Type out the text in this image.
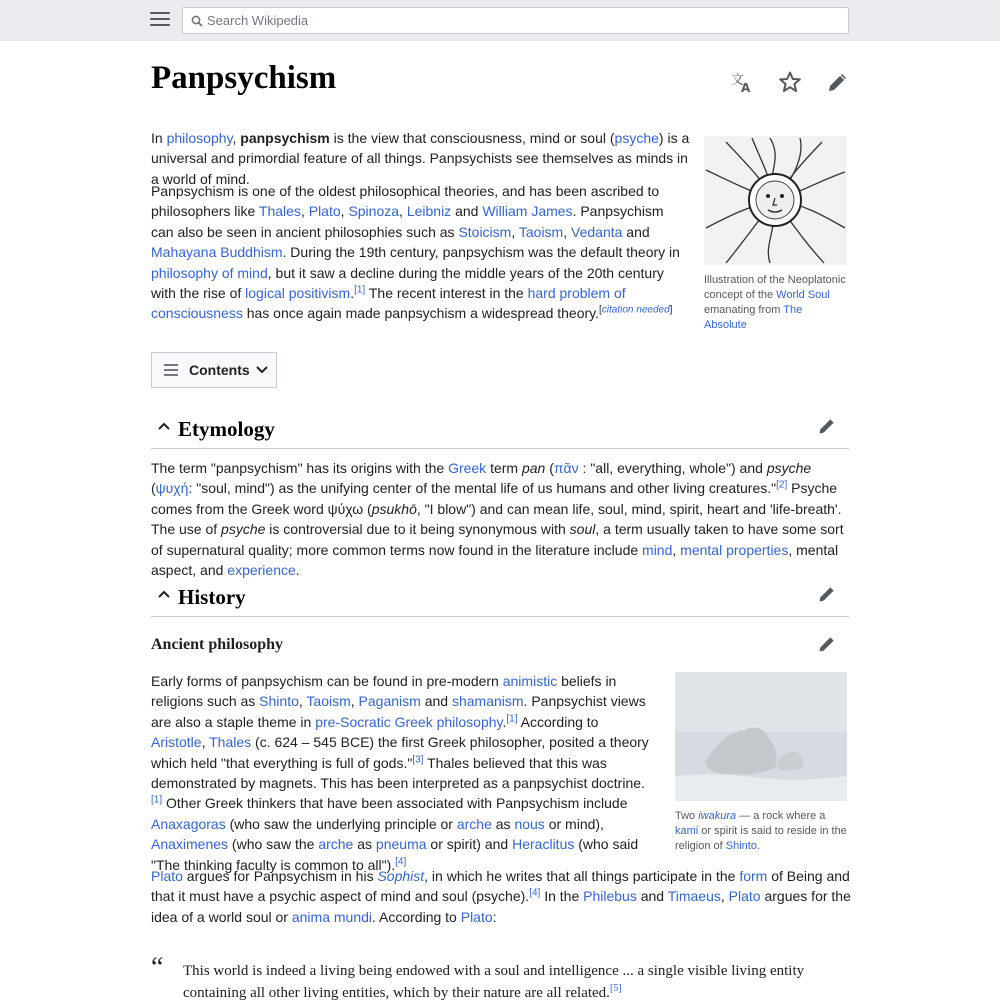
Search Wikipedia
Panpsychism	文
A

In philosophy, panpsychism is the view that consciousness, mind or soul (psyche) is a universal and primordial feature of all things. Panpsychists see themselves as minds in a world of mind.

Panpsychism is one of the oldest philosophical theories, and has been ascribed to philosophers like Thales, Plato, Spinoza, Leibniz and William James. Panpsychism can also be seen in ancient philosophies such as Stoicism, Taoism, Vedanta and Mahayana Buddhism. During the 19th century, panpsychism was the default theory in philosophy of mind, but it saw a decline during the middle years of the 20th century with the rise of logical positivism.[1] The recent interest in the hard problem of consciousness has once again made panpsychism a widespread theory.[citation needed]

Illustration of the Neoplatonic concept of the World Soul emanating from The Absolute
Contents
Etymology

The term "panpsychism" has its origins with the Greek term pan (πᾶν : "all, everything, whole") and psyche (ψυχή: "soul, mind") as the unifying center of the mental life of us humans and other living creatures."[2] Psyche comes from the Greek word ψύχω (psukhō, "I blow") and can mean life, soul, mind, spirit, heart and 'life-breath'. The use of psyche is controversial due to it being synonymous with soul, a term usually taken to have some sort of supernatural quality; more common terms now found in the literature include mind, mental properties, mental aspect, and experience.

History
Ancient philosophy

Early forms of panpsychism can be found in pre-modern animistic beliefs in religions such as Shinto, Taoism, Paganism and shamanism. Panpsychist views are also a staple theme in pre-Socratic Greek philosophy.[1] According to Aristotle, Thales (c. 624 – 545 BCE) the first Greek philosopher, posited a theory which held "that everything is full of gods."[3] Thales believed that this was demonstrated by magnets. This has been interpreted as a panpsychist doctrine.[1] Other Greek thinkers that have been associated with Panpsychism include Anaxagoras (who saw the underlying principle or arche as nous or mind), Anaximenes (who saw the arche as pneuma or spirit) and Heraclitus (who said "The thinking faculty is common to all").[4]

Two iwakura — a rock where a kami or spirit is said to reside in the religion of Shinto.

Plato argues for Panpsychism in his Sophist, in which he writes that all things participate in the form of Being and that it must have a psychic aspect of mind and soul (psyche).[4] In the Philebus and Timaeus, Plato argues for the idea of a world soul or anima mundi. According to Plato:

“ This world is indeed a living being endowed with a soul and intelligence ... a single visible living entity containing all other living entities, which by their nature are all related.[5]
